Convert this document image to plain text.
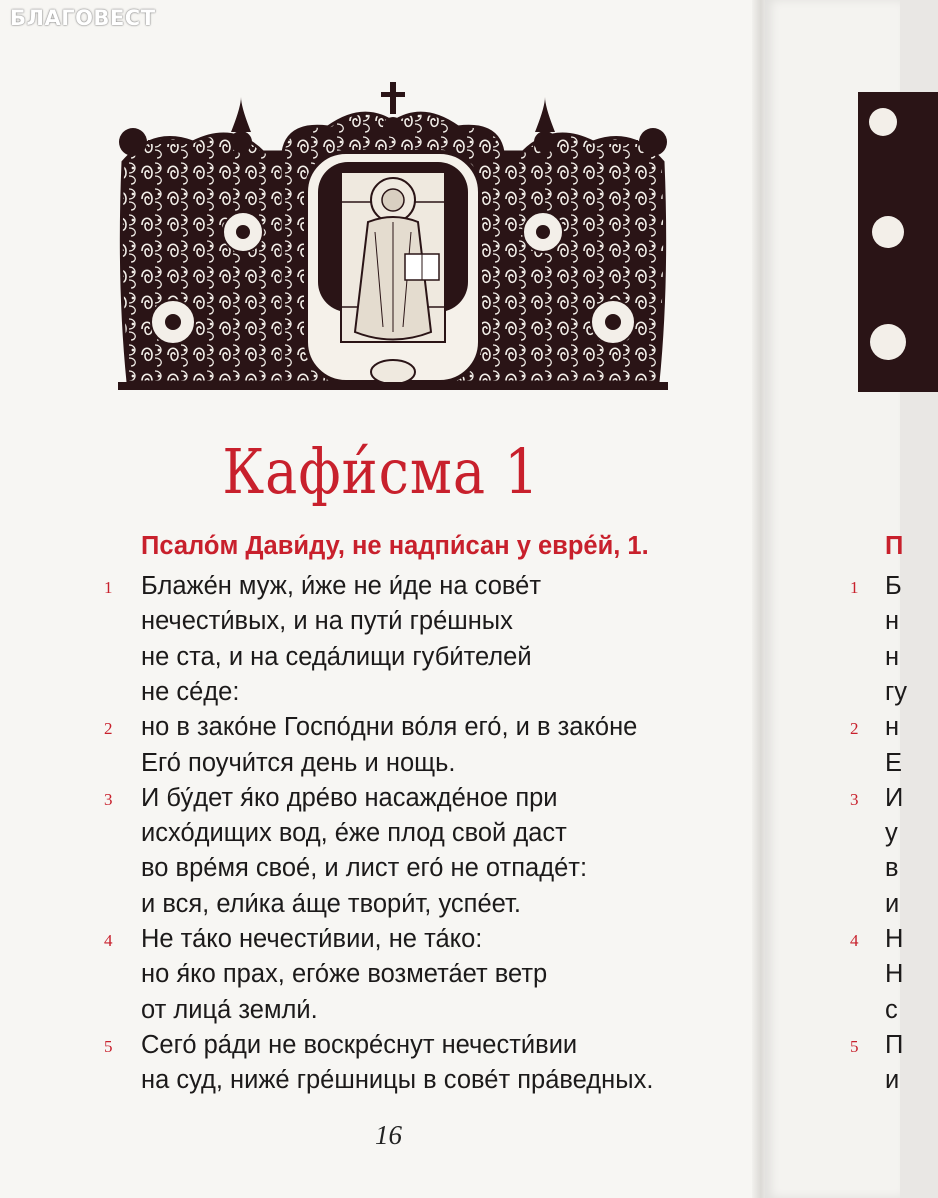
Кафи́сма 1
Псало́м Дави́ду, не надпи́сан у евре́й, 1.
1 Блаже́н муж, и́же не и́де на сове́т
нечести́вых, и на пути́ гре́шных
не ста, и на седа́лищи губи́телей
не се́де:
2 но в зако́не Госпо́дни во́ля его́, и в зако́не
Его́ поучи́тся день и нощь.
3 И бу́дет я́ко дре́во насажде́ное при
исхо́дищих вод, е́же плод свой даст
во вре́мя свое́, и лист его́ не отпаде́т:
и вся, ели́ка а́ще твори́т, успе́ет.
4 Не та́ко нечести́вии, не та́ко:
но я́ко прах, его́же возмета́ет ветр
от лица́ земли́.
5 Сего́ ра́ди не воскре́снут нечести́вии
на суд, ниже́ гре́шницы в сове́т пра́ведных.
16
П
1 Б
н
н
гу
2 н
Е
3 И
у
в
и
4 Н
Н
с
5 П
и
БЛАГОВЕСТ
